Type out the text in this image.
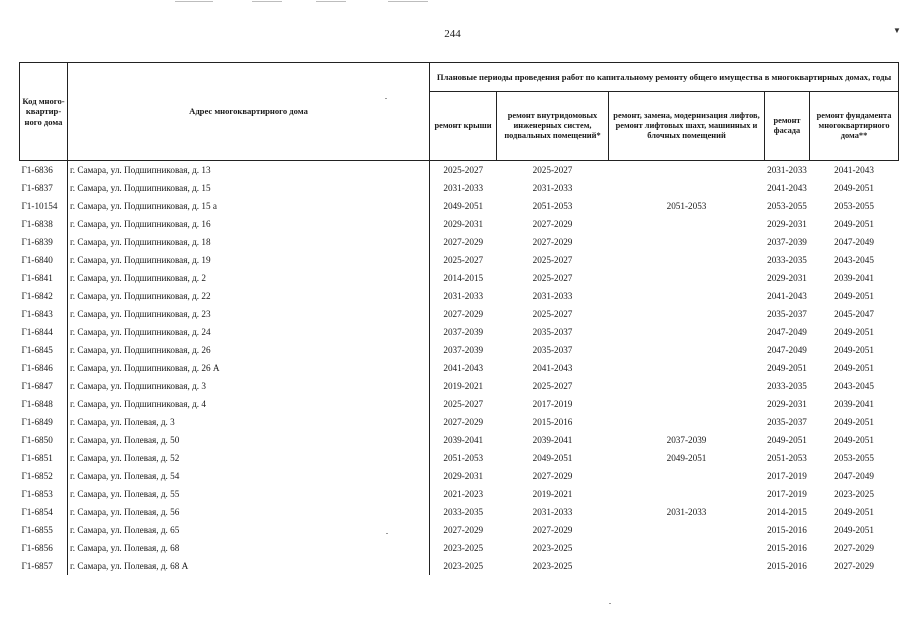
244	▼
Код много-квартир-ного дома	Адрес многоквартирного дома	Плановые периоды проведения работ по капитальному ремонту общего имущества в многоквартирных домах, годы				
		ремонт крыши	ремонт внутридомовых инженерных систем, подвальных помещений*	ремонт, замена, модернизация лифтов, ремонт лифтовых шахт, машинных и блочных помещений	ремонт фасада	ремонт фундамента многоквартирного дома**
Г1-6836	г. Самара, ул. Подшипниковая, д. 13	2025-2027	2025-2027		2031-2033	2041-2043
Г1-6837	г. Самара, ул. Подшипниковая, д. 15	2031-2033	2031-2033		2041-2043	2049-2051
Г1-10154	г. Самара, ул. Подшипниковая, д. 15 а	2049-2051	2051-2053	2051-2053	2053-2055	2053-2055
Г1-6838	г. Самара, ул. Подшипниковая, д. 16	2029-2031	2027-2029		2029-2031	2049-2051
Г1-6839	г. Самара, ул. Подшипниковая, д. 18	2027-2029	2027-2029		2037-2039	2047-2049
Г1-6840	г. Самара, ул. Подшипниковая, д. 19	2025-2027	2025-2027		2033-2035	2043-2045
Г1-6841	г. Самара, ул. Подшипниковая, д. 2	2014-2015	2025-2027		2029-2031	2039-2041
Г1-6842	г. Самара, ул. Подшипниковая, д. 22	2031-2033	2031-2033		2041-2043	2049-2051
Г1-6843	г. Самара, ул. Подшипниковая, д. 23	2027-2029	2025-2027		2035-2037	2045-2047
Г1-6844	г. Самара, ул. Подшипниковая, д. 24	2037-2039	2035-2037		2047-2049	2049-2051
Г1-6845	г. Самара, ул. Подшипниковая, д. 26	2037-2039	2035-2037		2047-2049	2049-2051
Г1-6846	г. Самара, ул. Подшипниковая, д. 26 А	2041-2043	2041-2043		2049-2051	2049-2051
Г1-6847	г. Самара, ул. Подшипниковая, д. 3	2019-2021	2025-2027		2033-2035	2043-2045
Г1-6848	г. Самара, ул. Подшипниковая, д. 4	2025-2027	2017-2019		2029-2031	2039-2041
Г1-6849	г. Самара, ул. Полевая, д. 3	2027-2029	2015-2016		2035-2037	2049-2051
Г1-6850	г. Самара, ул. Полевая, д. 50	2039-2041	2039-2041	2037-2039	2049-2051	2049-2051
Г1-6851	г. Самара, ул. Полевая, д. 52	2051-2053	2049-2051	2049-2051	2051-2053	2053-2055
Г1-6852	г. Самара, ул. Полевая, д. 54	2029-2031	2027-2029		2017-2019	2047-2049
Г1-6853	г. Самара, ул. Полевая, д. 55	2021-2023	2019-2021		2017-2019	2023-2025
Г1-6854	г. Самара, ул. Полевая, д. 56	2033-2035	2031-2033	2031-2033	2014-2015	2049-2051
Г1-6855	г. Самара, ул. Полевая, д. 65	2027-2029	2027-2029		2015-2016	2049-2051
Г1-6856	г. Самара, ул. Полевая, д. 68	2023-2025	2023-2025		2015-2016	2027-2029
Г1-6857	г. Самара, ул. Полевая, д. 68 А	2023-2025	2023-2025		2015-2016	2027-2029
